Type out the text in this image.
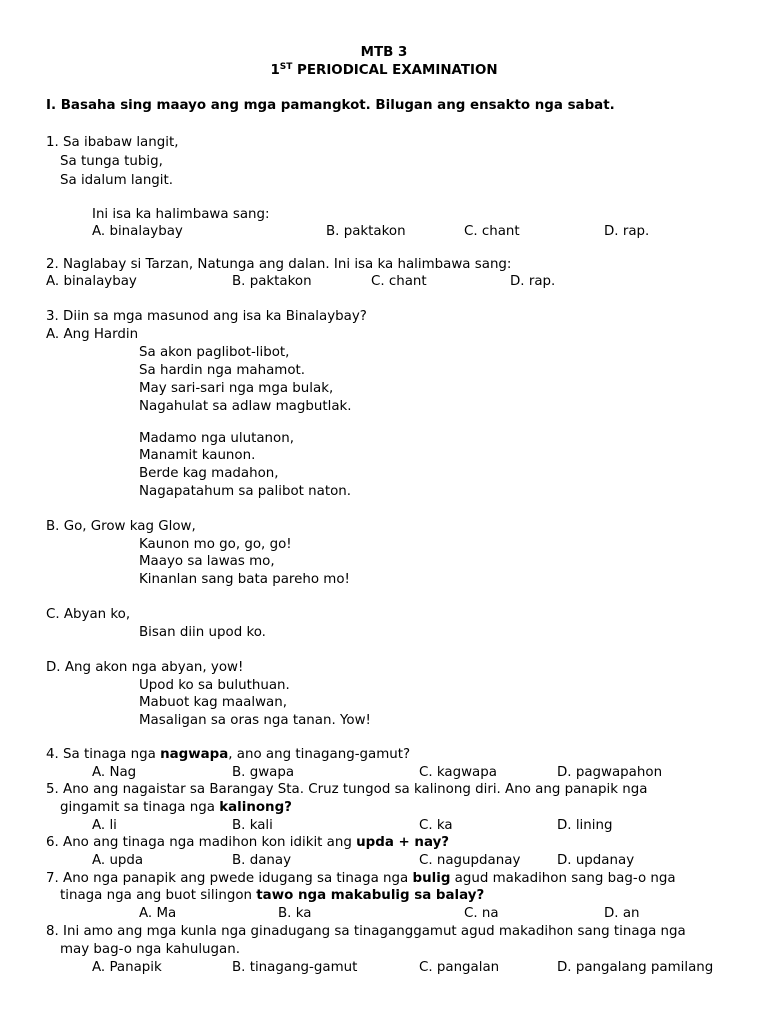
MTB 3
1ST PERIODICAL EXAMINATION
I. Basaha sing maayo ang mga pamangkot. Bilugan ang ensakto nga sabat.
1. Sa ibabaw langit,
Sa tunga tubig,
Sa idalum langit.
Ini isa ka halimbawa sang:
A. binalaybay	B. paktakon	C. chant	D. rap.
2. Naglabay si Tarzan, Natunga ang dalan. Ini isa ka halimbawa sang:
A. binalaybay	B. paktakon	C. chant	D. rap.
3. Diin sa mga masunod ang isa ka Binalaybay?
A. Ang Hardin
Sa akon paglibot-libot,
Sa hardin nga mahamot.
May sari-sari nga mga bulak,
Nagahulat sa adlaw magbutlak.
Madamo nga ulutanon,
Manamit kaunon.
Berde kag madahon,
Nagapatahum sa palibot naton.
B. Go, Grow kag Glow,
Kaunon mo go, go, go!
Maayo sa lawas mo,
Kinanlan sang bata pareho mo!
C. Abyan ko,
Bisan diin upod ko.
D. Ang akon nga abyan, yow!
Upod ko sa buluthuan.
Mabuot kag maalwan,
Masaligan sa oras nga tanan. Yow!
4. Sa tinaga nga nagwapa, ano ang tinagang-gamut?
A. Nag	B. gwapa	C. kagwapa	D. pagwapahon
5. Ano ang nagaistar sa Barangay Sta. Cruz tungod sa kalinong diri. Ano ang panapik nga
gingamit sa tinaga nga kalinong?
A. li	B. kali	C. ka	D. lining
6. Ano ang tinaga nga madihon kon idikit ang upda + nay?
A. upda	B. danay	C. nagupdanay	D. updanay
7. Ano nga panapik ang pwede idugang sa tinaga nga bulig agud makadihon sang bag-o nga
tinaga nga ang buot silingon tawo nga makabulig sa balay?
A. Ma	B. ka	C. na	D. an
8. Ini amo ang mga kunla nga ginadugang sa tinaganggamut agud makadihon sang tinaga nga
may bag-o nga kahulugan.
A. Panapik	B. tinagang-gamut	C. pangalan	D. pangalang pamilang
